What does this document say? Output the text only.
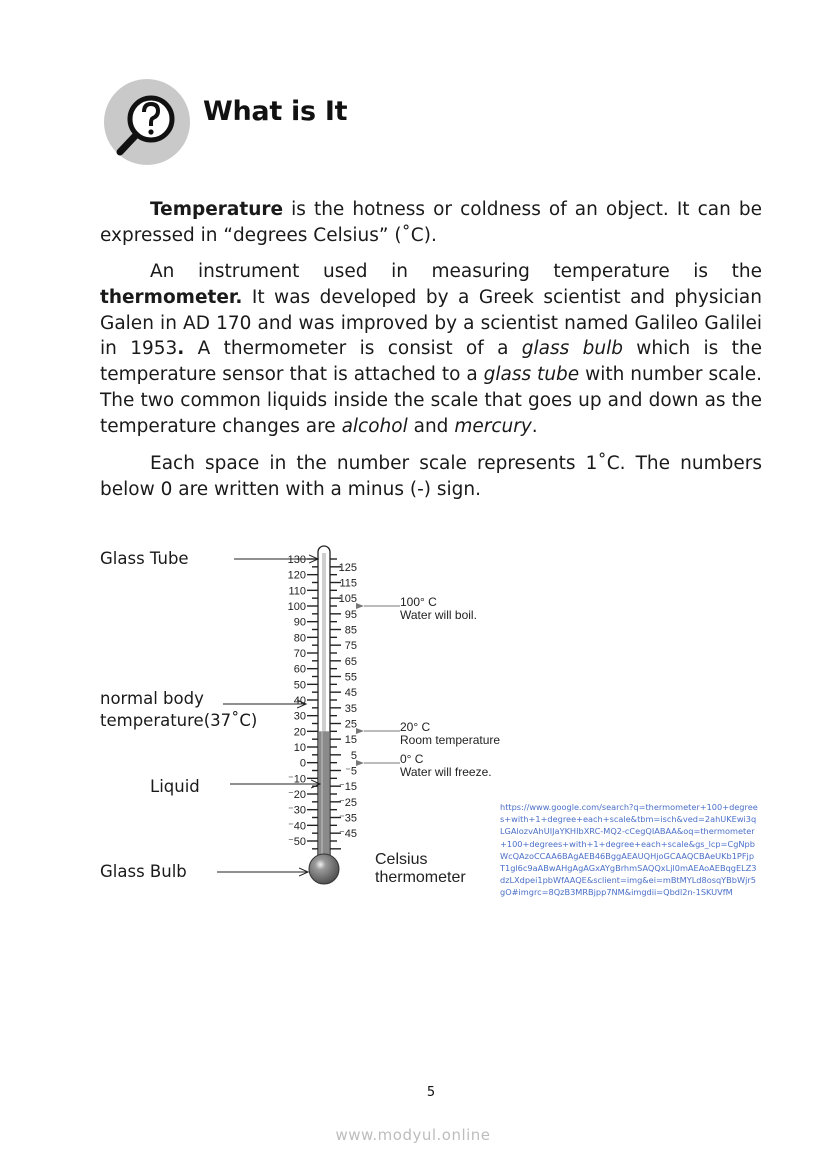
What is It
Temperature is the hotness or coldness of an object. It can be expressed in “degrees Celsius” (˚C).
An instrument used in measuring temperature is the thermometer. It was developed by a Greek scientist and physician Galen in AD 170 and was improved by a scientist named Galileo Galilei in 1953. A thermometer is consist of a glass bulb which is the temperature sensor that is attached to a glass tube with number scale. The two common liquids inside the scale that goes up and down as the temperature changes are alcohol and mercury.
Each space in the number scale represents 1˚C. The numbers below 0 are written with a minus (-) sign.
Glass Tube
normal body
temperature(37˚C)
Liquid
Glass Bulb
130
120
110
100
90
80
70
60
50
40
30
20
10
0
⁻10
⁻20
⁻30
⁻40
⁻50
125
115
105
95
85
75
65
55
45
35
25
15
5
⁻5
⁻15
⁻25
⁻35
⁻45
100° C
Water will boil.
20° C
Room temperature
0° C
Water will freeze.
Celsius
thermometer
https://www.google.com/search?q=thermometer+100+degrees+with+1+degree+each+scale&tbm=isch&ved=2ahUKEwi3qLGAlozvAhUIJaYKHIbXRC-MQ2-cCegQIABAA&oq=thermometer+100+degrees+with+1+degree+each+scale&gs_lcp=CgNpbWcQAzoCCAA6BAgAEB46BggAEAUQHjoGCAAQCBAeUKb1PFjpT1gl6c9aABwAHgAgAGxAYgBrhmSAQQxLjl0mAEAoAEBqgELZ3dzLXdpei1pbWfAAQE&sclient=img&ei=mBtMYLd8osqYBbWjr5gO#imgrc=8QzB3MRBjpp7NM&imgdii=Qbdl2n-1SKUVfM
5
www.modyul.online
